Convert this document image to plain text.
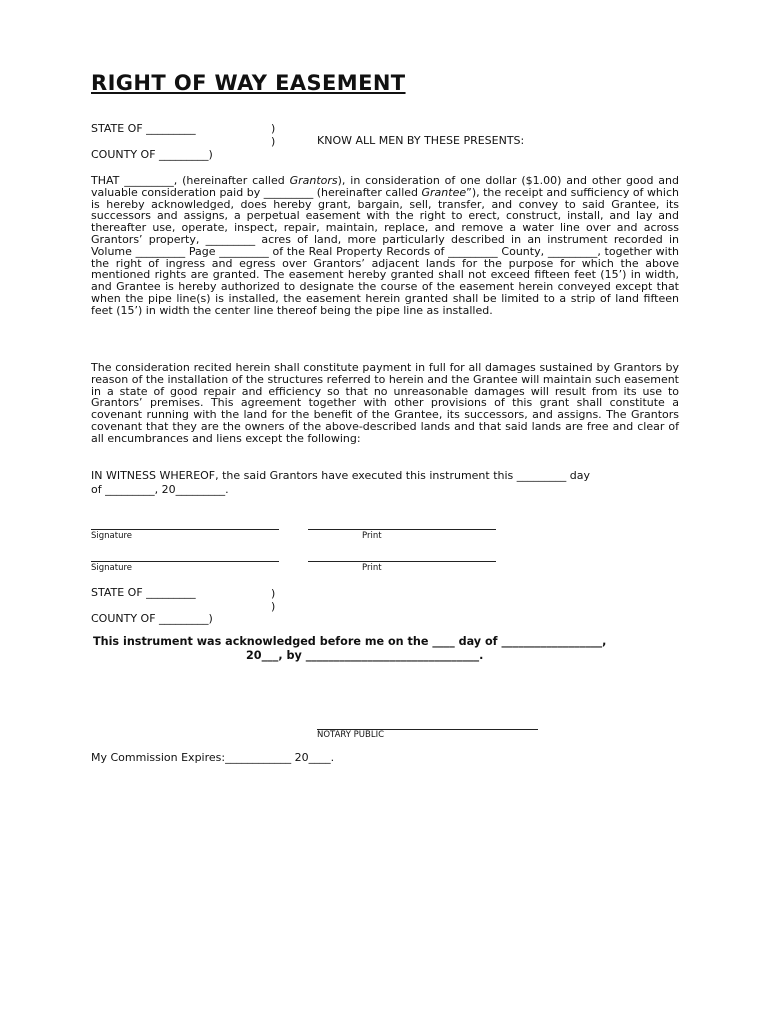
RIGHT OF WAY EASEMENT
STATE OF _________	)
)	KNOW ALL MEN BY THESE PRESENTS:
COUNTY OF _________)
THAT _________, (hereinafter called Grantors), in consideration of one dollar ($1.00) and other good and valuable consideration paid by _________ (hereinafter called Grantee”), the receipt and sufficiency of which is hereby acknowledged, does hereby grant, bargain, sell, transfer, and convey to said Grantee, its successors and assigns, a perpetual easement with the right to erect, construct, install, and lay and thereafter use, operate, inspect, repair, maintain, replace, and remove a water line over and across Grantors’ property, _________ acres of land, more particularly described in an instrument recorded in Volume _________ Page _________ of the Real Property Records of _________ County, _________, together with the right of ingress and egress over Grantors’ adjacent lands for the purpose for which the above mentioned rights are granted. The easement hereby granted shall not exceed fifteen feet (15’) in width, and Grantee is hereby authorized to designate the course of the easement herein conveyed except that when the pipe line(s) is installed, the easement herein granted shall be limited to a strip of land fifteen feet (15’) in width the center line thereof being the pipe line as installed.
The consideration recited herein shall constitute payment in full for all damages sustained by Grantors by reason of the installation of the structures referred to herein and the Grantee will maintain such easement in a state of good repair and efficiency so that no unreasonable damages will result from its use to Grantors’ premises. This agreement together with other provisions of this grant shall constitute a covenant running with the land for the benefit of the Grantee, its successors, and assigns. The Grantors covenant that they are the owners of the above-described lands and that said lands are free and clear of all encumbrances and liens except the following:
IN WITNESS WHEREOF, the said Grantors have executed this instrument this _________ day
of _________, 20_________.
Signature	Print
Signature	Print
STATE OF _________	)
)
COUNTY OF _________)
This instrument was acknowledged before me on the ____ day of __________________,
20___, by _______________________________.
NOTARY PUBLIC
My Commission Expires:____________ 20____.
